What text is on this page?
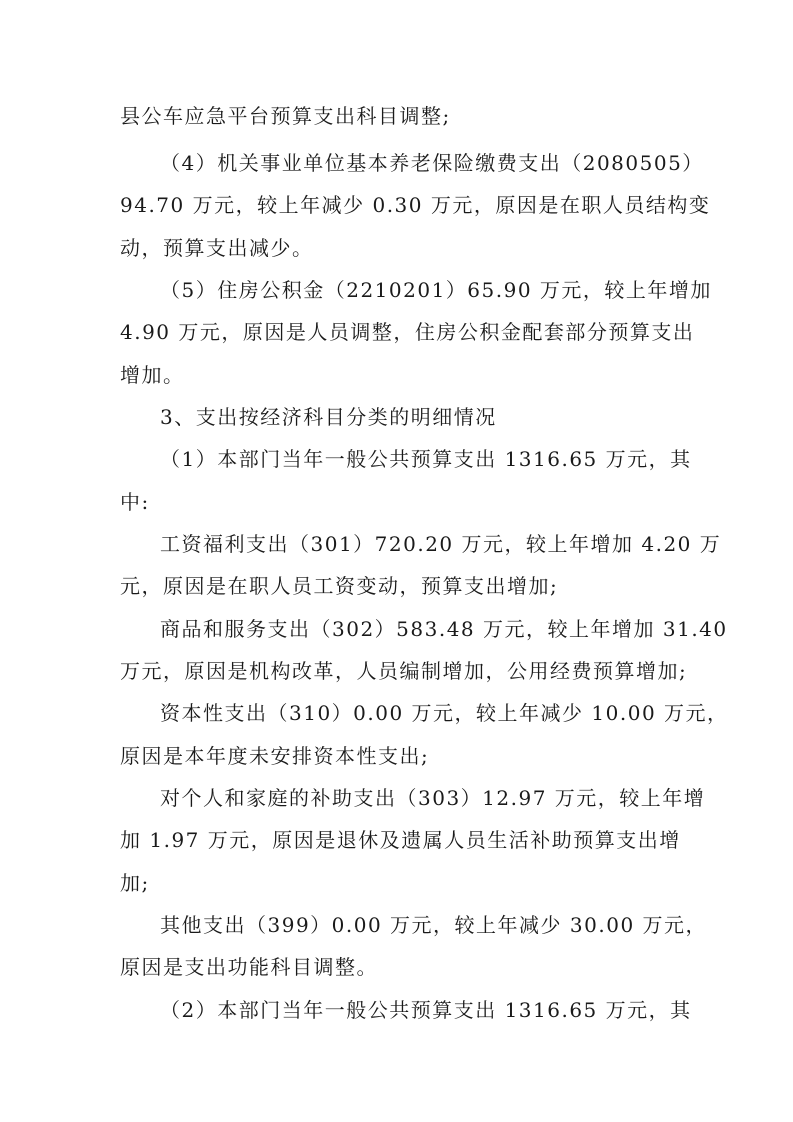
县公车应急平台预算支出科目调整;
（4）机关事业单位基本养老保险缴费支出（2080505）
94.70 万元，较上年减少 0.30 万元，原因是在职人员结构变
动，预算支出减少。
（5）住房公积金（2210201）65.90 万元，较上年增加
4.90 万元，原因是人员调整，住房公积金配套部分预算支出
增加。
3、支出按经济科目分类的明细情况
（1）本部门当年一般公共预算支出 1316.65 万元，其
中:
工资福利支出（301）720.20 万元，较上年增加 4.20 万
元，原因是在职人员工资变动，预算支出增加;
商品和服务支出（302）583.48 万元，较上年增加 31.40
万元，原因是机构改革，人员编制增加，公用经费预算增加;
资本性支出（310）0.00 万元，较上年减少 10.00 万元，
原因是本年度未安排资本性支出;
对个人和家庭的补助支出（303）12.97 万元，较上年增
加 1.97 万元，原因是退休及遗属人员生活补助预算支出增
加;
其他支出（399）0.00 万元，较上年减少 30.00 万元，
原因是支出功能科目调整。
（2）本部门当年一般公共预算支出 1316.65 万元，其
